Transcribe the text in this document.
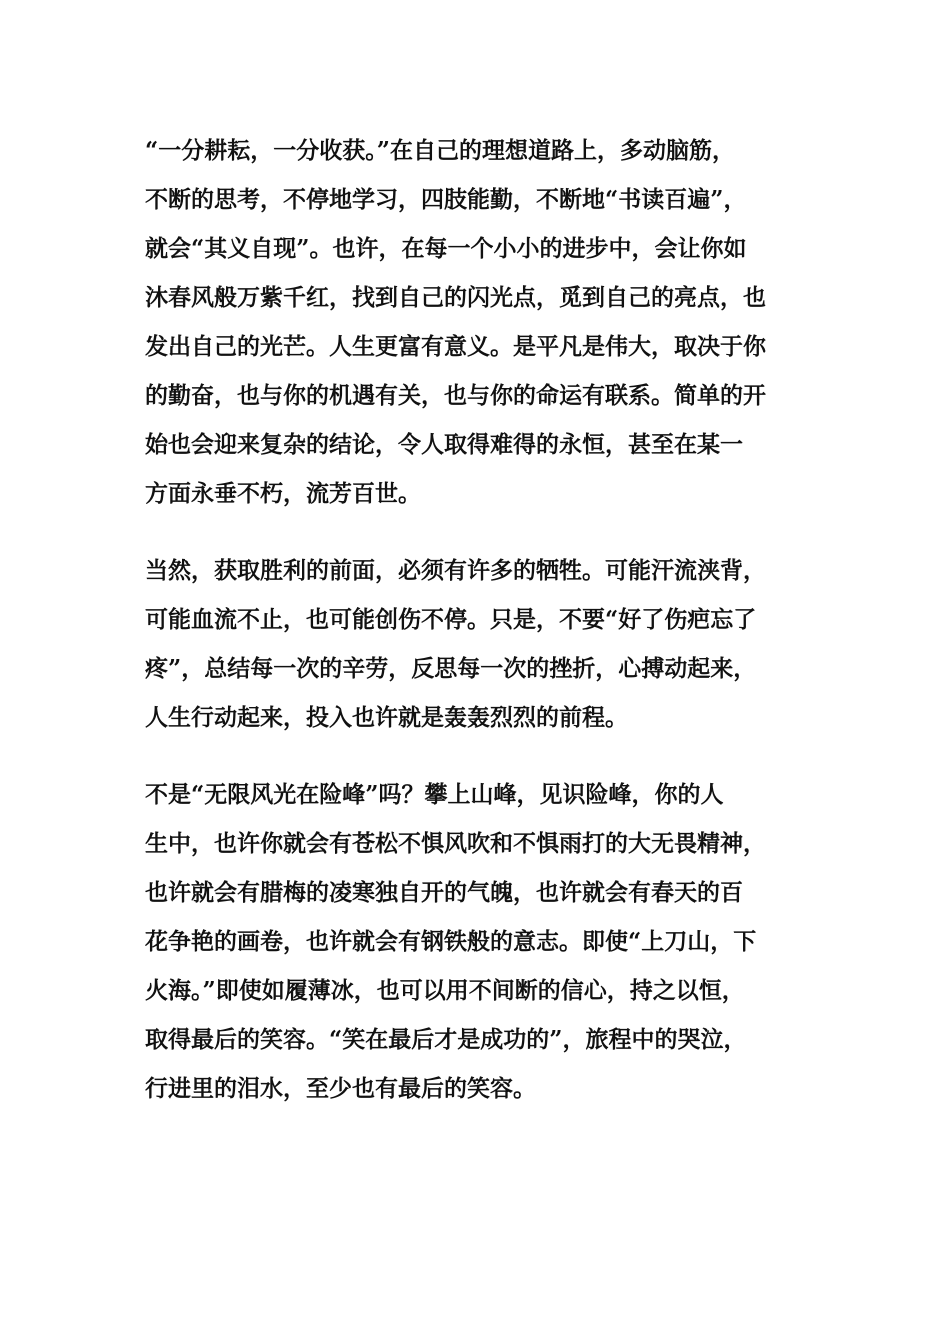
“一分耕耘，一分收获。”在自己的理想道路上，多动脑筋，
不断的思考，不停地学习，四肢能勤，不断地“书读百遍”，
就会“其义自现”。也许，在每一个小小的进步中，会让你如
沐春风般万紫千红，找到自己的闪光点，觅到自己的亮点，也
发出自己的光芒。人生更富有意义。是平凡是伟大，取决于你
的勤奋，也与你的机遇有关，也与你的命运有联系。简单的开
始也会迎来复杂的结论，令人取得难得的永恒，甚至在某一
方面永垂不朽，流芳百世。

当然，获取胜利的前面，必须有许多的牺牲。可能汗流浃背，
可能血流不止，也可能创伤不停。只是，不要“好了伤疤忘了
疼”，总结每一次的辛劳，反思每一次的挫折，心搏动起来，
人生行动起来，投入也许就是轰轰烈烈的前程。

不是“无限风光在险峰”吗？攀上山峰，见识险峰，你的人
生中，也许你就会有苍松不惧风吹和不惧雨打的大无畏精神，
也许就会有腊梅的凌寒独自开的气魄，也许就会有春天的百
花争艳的画卷，也许就会有钢铁般的意志。即使“上刀山，下
火海。”即使如履薄冰，也可以用不间断的信心，持之以恒，
取得最后的笑容。“笑在最后才是成功的”，旅程中的哭泣，
行进里的泪水，至少也有最后的笑容。
